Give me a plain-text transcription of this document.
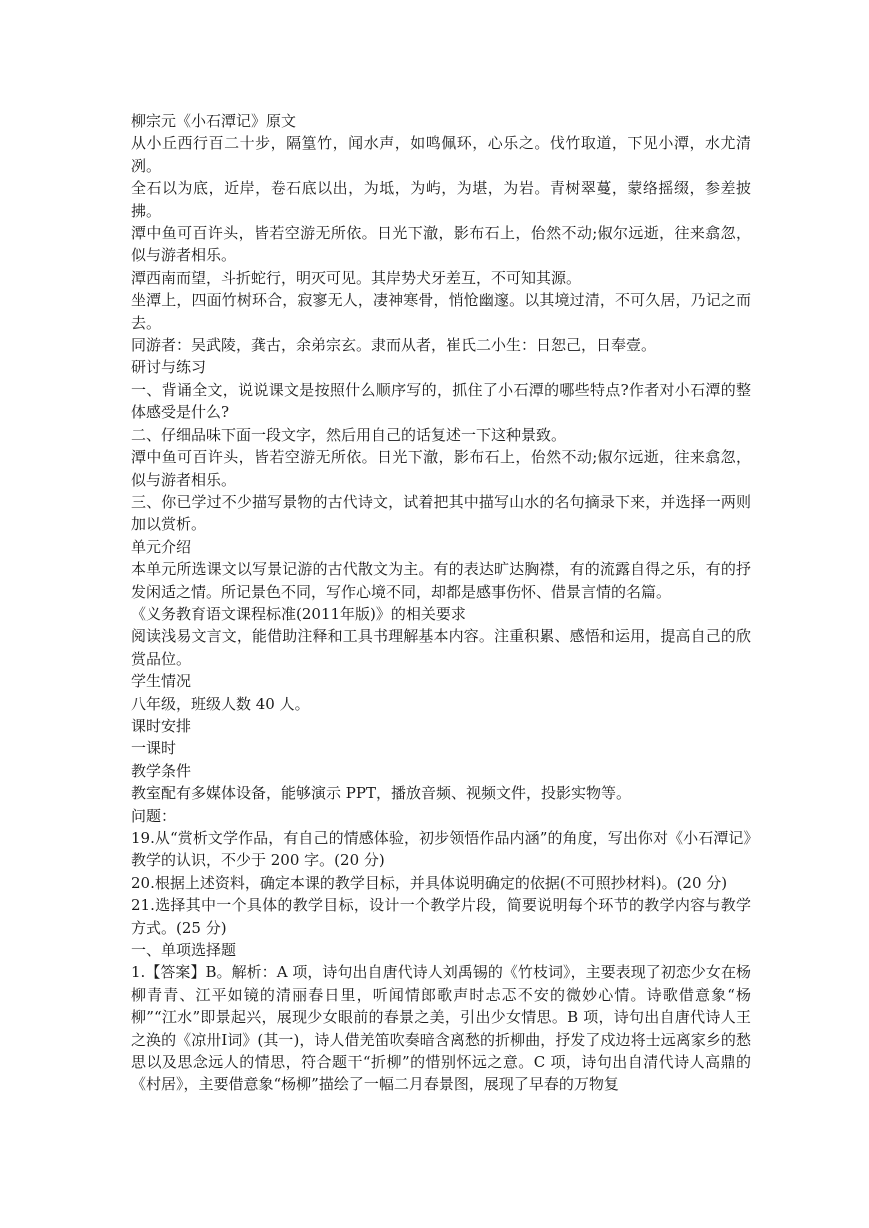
柳宗元《小石潭记》原文

从小丘西行百二十步，隔篁竹，闻水声，如鸣佩环，心乐之。伐竹取道，下见小潭，水尤清冽。

全石以为底，近岸，卷石底以出，为坻，为屿，为堪，为岩。青树翠蔓，蒙络摇缀，参差披拂。

潭中鱼可百许头，皆若空游无所依。日光下澈，影布石上，佁然不动;俶尔远逝，往来翕忽，似与游者相乐。

潭西南而望，斗折蛇行，明灭可见。其岸势犬牙差互，不可知其源。

坐潭上，四面竹树环合，寂寥无人，凄神寒骨，悄怆幽邃。以其境过清，不可久居，乃记之而去。

同游者：吴武陵，龚古，余弟宗玄。隶而从者，崔氏二小生：日恕己，日奉壹。

研讨与练习

一、背诵全文，说说课文是按照什么顺序写的，抓住了小石潭的哪些特点?作者对小石潭的整体感受是什么?

二、仔细品味下面一段文字，然后用自己的话复述一下这种景致。

潭中鱼可百许头，皆若空游无所依。日光下澈，影布石上，佁然不动;俶尔远逝，往来翕忽，似与游者相乐。

三、你已学过不少描写景物的古代诗文，试着把其中描写山水的名句摘录下来，并选择一两则加以赏析。

单元介绍

本单元所选课文以写景记游的古代散文为主。有的表达旷达胸襟，有的流露自得之乐，有的抒发闲适之情。所记景色不同，写作心境不同，却都是感事伤怀、借景言情的名篇。

《义务教育语文课程标准(2011年版)》的相关要求

阅读浅易文言文，能借助注释和工具书理解基本内容。注重积累、感悟和运用，提高自己的欣赏品位。

学生情况

八年级，班级人数 40 人。

课时安排

一课时

教学条件

教室配有多媒体设备，能够演示 PPT，播放音频、视频文件，投影实物等。

问题：

19.从“赏析文学作品，有自己的情感体验，初步领悟作品内涵”的角度，写出你对《小石潭记》教学的认识，不少于 200 字。(20 分)

20.根据上述资料，确定本课的教学目标，并具体说明确定的依据(不可照抄材料)。(20 分)

21.选择其中一个具体的教学目标，设计一个教学片段，简要说明每个环节的教学内容与教学方式。(25 分)

一、单项选择题

1.【答案】B。解析：A 项，诗句出自唐代诗人刘禹锡的《竹枝词》，主要表现了初恋少女在杨柳青青、江平如镜的清丽春日里，听闻情郎歌声时忐忑不安的微妙心情。诗歌借意象“杨柳”“江水”即景起兴，展现少女眼前的春景之美，引出少女情思。B 项，诗句出自唐代诗人王之涣的《凉卅Ⅰ词》(其一)，诗人借羌笛吹奏暗含离愁的折柳曲，抒发了戍边将士远离家乡的愁思以及思念远人的情思，符合题干“折柳”的惜别怀远之意。C 项，诗句出自清代诗人高鼎的《村居》，主要借意象“杨柳”描绘了一幅二月春景图，展现了早春的万物复
